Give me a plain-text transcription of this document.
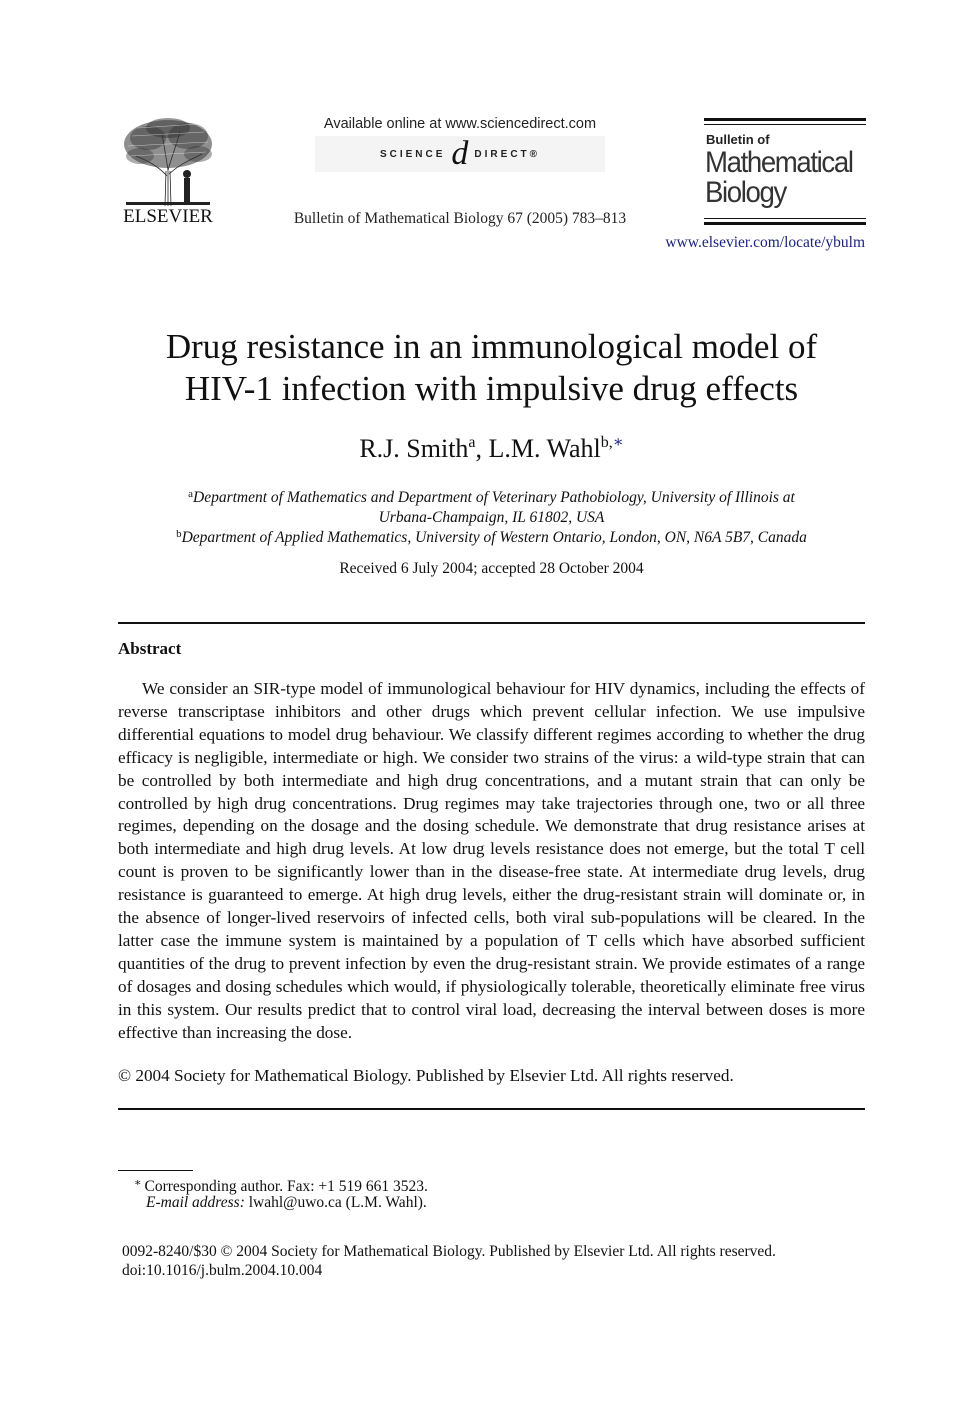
ELSEVIER
Available online at www.sciencedirect.com
SCIENCE d DIRECT®
Bulletin of Mathematical Biology 67 (2005) 783–813
Bulletin of
Mathematical
Biology
www.elsevier.com/locate/ybulm
Drug resistance in an immunological model of
HIV-1 infection with impulsive drug effects
R.J. Smith$^a$, L.M. Wahl$^{b,∗}$
$^a$Department of Mathematics and Department of Veterinary Pathobiology, University of Illinois at
Urbana-Champaign, IL 61802, USA
$^b$Department of Applied Mathematics, University of Western Ontario, London, ON, N6A 5B7, Canada
Received 6 July 2004; accepted 28 October 2004
Abstract
We consider an SIR-type model of immunological behaviour for HIV dynamics, including the effects of reverse transcriptase inhibitors and other drugs which prevent cellular infection. We use impulsive differential equations to model drug behaviour. We classify different regimes according to whether the drug efficacy is negligible, intermediate or high. We consider two strains of the virus: a wild-type strain that can be controlled by both intermediate and high drug concentrations, and a mutant strain that can only be controlled by high drug concentrations. Drug regimes may take trajectories through one, two or all three regimes, depending on the dosage and the dosing schedule. We demonstrate that drug resistance arises at both intermediate and high drug levels. At low drug levels resistance does not emerge, but the total T cell count is proven to be significantly lower than in the disease-free state. At intermediate drug levels, drug resistance is guaranteed to emerge. At high drug levels, either the drug-resistant strain will dominate or, in the absence of longer-lived reservoirs of infected cells, both viral sub-populations will be cleared. In the latter case the immune system is maintained by a population of T cells which have absorbed sufficient quantities of the drug to prevent infection by even the drug-resistant strain. We provide estimates of a range of dosages and dosing schedules which would, if physiologically tolerable, theoretically eliminate free virus in this system. Our results predict that to control viral load, decreasing the interval between doses is more effective than increasing the dose.
© 2004 Society for Mathematical Biology. Published by Elsevier Ltd. All rights reserved.
∗ Corresponding author. Fax: +1 519 661 3523.
E-mail address: lwahl@uwo.ca (L.M. Wahl).
0092-8240/$30 © 2004 Society for Mathematical Biology. Published by Elsevier Ltd. All rights reserved.
doi:10.1016/j.bulm.2004.10.004
